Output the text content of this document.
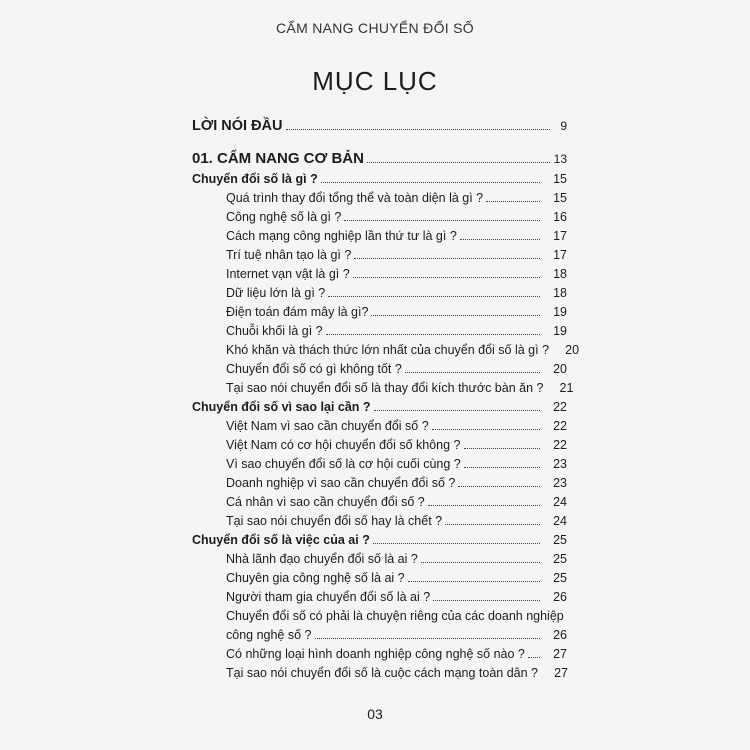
CẨM NANG CHUYỂN ĐỔI SỐ
MỤC LỤC
LỜI NÓI ĐẦU	9
01. CẨM NANG CƠ BẢN	13
Chuyển đổi số là gì ?	15
Quá trình thay đổi tổng thể và toàn diện là gì ?	15
Công nghệ số là gì ?	16
Cách mạng công nghiệp lần thứ tư là gì ?	17
Trí tuệ nhân tạo là gì ?	17
Internet vạn vật là gì ?	18
Dữ liệu lớn là gì ?	18
Điện toán đám mây là gì?	19
Chuỗi khối là gì ?	19
Khó khăn và thách thức lớn nhất của chuyển đổi số là gì ?	20
Chuyển đổi số có gì không tốt ?	20
Tại sao nói chuyển đổi số là thay đổi kích thước bàn ăn ?	21
Chuyển đổi số vì sao lại cần ?	22
Việt Nam vì sao cần chuyển đổi số ?	22
Việt Nam có cơ hội chuyển đổi số không ?	22
Vì sao chuyển đổi số là cơ hội cuối cùng ?	23
Doanh nghiệp vì sao cần chuyển đổi số ?	23
Cá nhân vì sao cần chuyển đổi số ?	24
Tại sao nói chuyển đổi số hay là chết ?	24
Chuyển đổi số là việc của ai ?	25
Nhà lãnh đạo chuyển đổi số là ai ?	25
Chuyên gia công nghệ số là ai ?	25
Người tham gia chuyển đổi số là ai ?	26
Chuyển đổi số có phải là chuyện riêng của các doanh nghiệp
công nghệ số ?	26
Có những loại hình doanh nghiệp công nghệ số nào ?	27
Tại sao nói chuyển đổi số là cuộc cách mạng toàn dân ?	27
03
